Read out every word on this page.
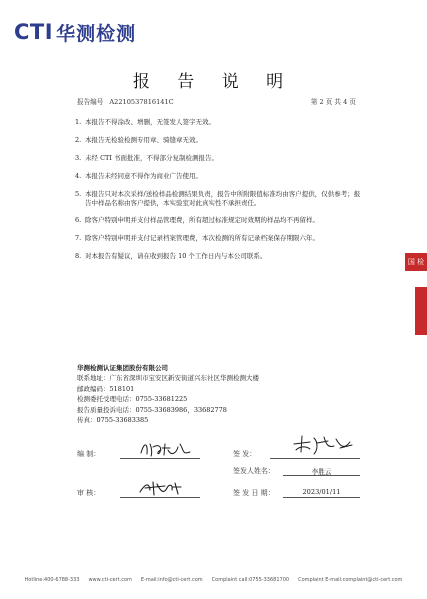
CTI 华测检测
报 告 说 明
报告编号 A2210537816141C	第 2 页 共 4 页
1. 本报告不得涂改、增删，无签发人签字无效。
2. 本报告无检验检测专用章、骑缝章无效。
3. 未经 CTI 书面批准，不得部分复制检测报告。
4. 本报告未经同意不得作为商业广告使用。
5. 本报告只对本次采样/送检样品检测结果负责，报告中所附限值标准均由客户提供，仅供参考；报告中样品名称由客户提供，本实验室对此真实性不承担责任。
6. 除客户特别申明并支付样品管理费，所有超过标准规定时效期的样品均不再留样。
7. 除客户特别申明并支付记录档案管理费，本次检测的所有记录档案保存期限六年。
8. 对本报告有疑议，请在收到报告 10 个工作日内与本公司联系。
华测检测认证集团股份有限公司
联系地址：广东省深圳市宝安区新安街道兴东社区华测检测大楼
邮政编码：518101
检测委托受理电话：0755-33681225
报告质量投诉电话：0755-33683986，33682778
传真：0755-33683385
编 制：
审 核：
签 发：
签发人姓名：	李胜云
签 发 日 期：	2023/01/11
国 检
Hotline:400-6788-333 www.cti-cert.com E-mail:info@cti-cert.com Complaint call:0755-33681700 Complaint E-mail:complaint@cti-cert.com
